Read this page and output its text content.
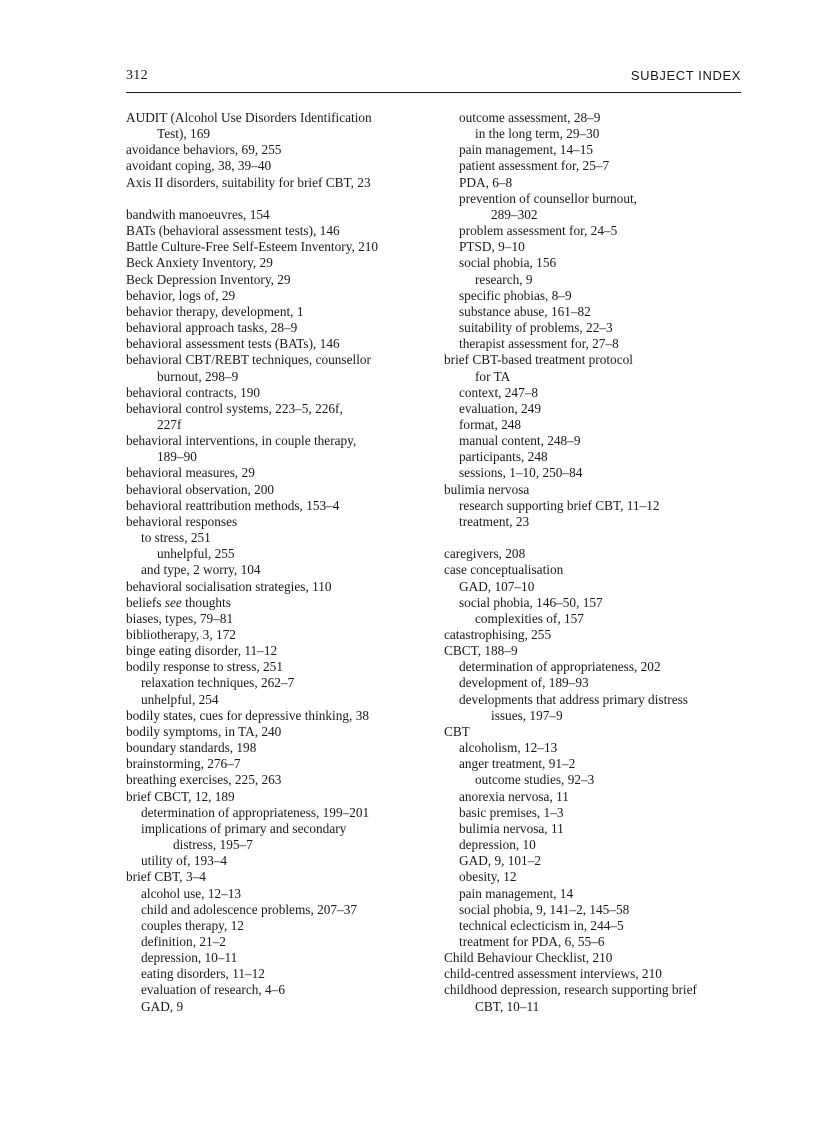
312	SUBJECT INDEX
AUDIT (Alcohol Use Disorders Identification
Test), 169
avoidance behaviors, 69, 255
avoidant coping, 38, 39–40
Axis II disorders, suitability for brief CBT, 23
bandwith manoeuvres, 154
BATs (behavioral assessment tests), 146
Battle Culture-Free Self-Esteem Inventory, 210
Beck Anxiety Inventory, 29
Beck Depression Inventory, 29
behavior, logs of, 29
behavior therapy, development, 1
behavioral approach tasks, 28–9
behavioral assessment tests (BATs), 146
behavioral CBT/REBT techniques, counsellor
burnout, 298–9
behavioral contracts, 190
behavioral control systems, 223–5, 226f,
227f
behavioral interventions, in couple therapy,
189–90
behavioral measures, 29
behavioral observation, 200
behavioral reattribution methods, 153–4
behavioral responses
to stress, 251
unhelpful, 255
and type, 2 worry, 104
behavioral socialisation strategies, 110
beliefs see thoughts
biases, types, 79–81
bibliotherapy, 3, 172
binge eating disorder, 11–12
bodily response to stress, 251
relaxation techniques, 262–7
unhelpful, 254
bodily states, cues for depressive thinking, 38
bodily symptoms, in TA, 240
boundary standards, 198
brainstorming, 276–7
breathing exercises, 225, 263
brief CBCT, 12, 189
determination of appropriateness, 199–201
implications of primary and secondary
distress, 195–7
utility of, 193–4
brief CBT, 3–4
alcohol use, 12–13
child and adolescence problems, 207–37
couples therapy, 12
definition, 21–2
depression, 10–11
eating disorders, 11–12
evaluation of research, 4–6
GAD, 9
outcome assessment, 28–9
in the long term, 29–30
pain management, 14–15
patient assessment for, 25–7
PDA, 6–8
prevention of counsellor burnout,
289–302
problem assessment for, 24–5
PTSD, 9–10
social phobia, 156
research, 9
specific phobias, 8–9
substance abuse, 161–82
suitability of problems, 22–3
therapist assessment for, 27–8
brief CBT-based treatment protocol
for TA
context, 247–8
evaluation, 249
format, 248
manual content, 248–9
participants, 248
sessions, 1–10, 250–84
bulimia nervosa
research supporting brief CBT, 11–12
treatment, 23
caregivers, 208
case conceptualisation
GAD, 107–10
social phobia, 146–50, 157
complexities of, 157
catastrophising, 255
CBCT, 188–9
determination of appropriateness, 202
development of, 189–93
developments that address primary distress
issues, 197–9
CBT
alcoholism, 12–13
anger treatment, 91–2
outcome studies, 92–3
anorexia nervosa, 11
basic premises, 1–3
bulimia nervosa, 11
depression, 10
GAD, 9, 101–2
obesity, 12
pain management, 14
social phobia, 9, 141–2, 145–58
technical eclecticism in, 244–5
treatment for PDA, 6, 55–6
Child Behaviour Checklist, 210
child-centred assessment interviews, 210
childhood depression, research supporting brief
CBT, 10–11
